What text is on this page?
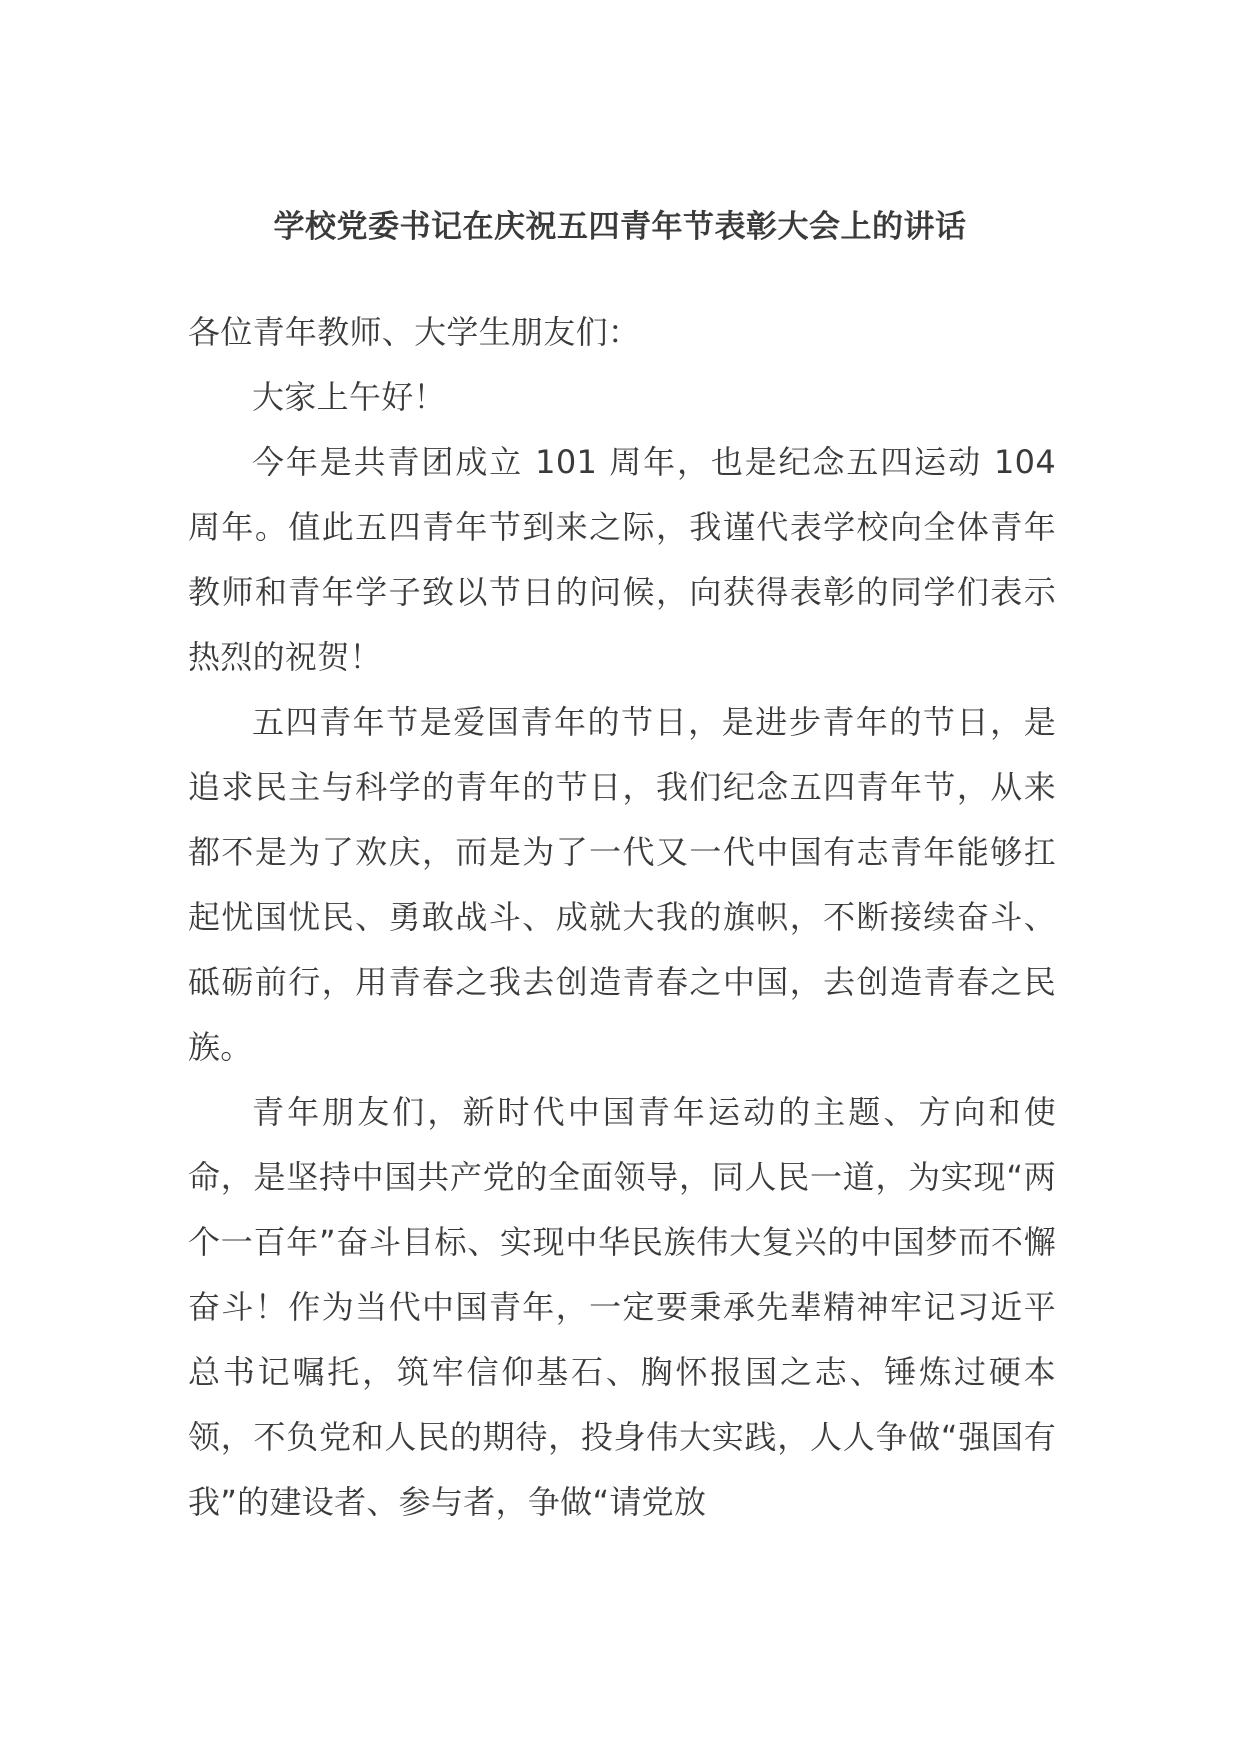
学校党委书记在庆祝五四青年节表彰大会上的讲话

各位青年教师、大学生朋友们：

大家上午好！

今年是共青团成立 101 周年，也是纪念五四运动 104 周年。值此五四青年节到来之际，我谨代表学校向全体青年教师和青年学子致以节日的问候，向获得表彰的同学们表示热烈的祝贺！

五四青年节是爱国青年的节日，是进步青年的节日，是追求民主与科学的青年的节日，我们纪念五四青年节，从来都不是为了欢庆，而是为了一代又一代中国有志青年能够扛起忧国忧民、勇敢战斗、成就大我的旗帜，不断接续奋斗、砥砺前行，用青春之我去创造青春之中国，去创造青春之民族。

青年朋友们，新时代中国青年运动的主题、方向和使命，是坚持中国共产党的全面领导，同人民一道，为实现“两个一百年”奋斗目标、实现中华民族伟大复兴的中国梦而不懈奋斗！作为当代中国青年，一定要秉承先辈精神牢记习近平总书记嘱托，筑牢信仰基石、胸怀报国之志、锤炼过硬本领，不负党和人民的期待，投身伟大实践，人人争做“强国有我”的建设者、参与者，争做“请党放
